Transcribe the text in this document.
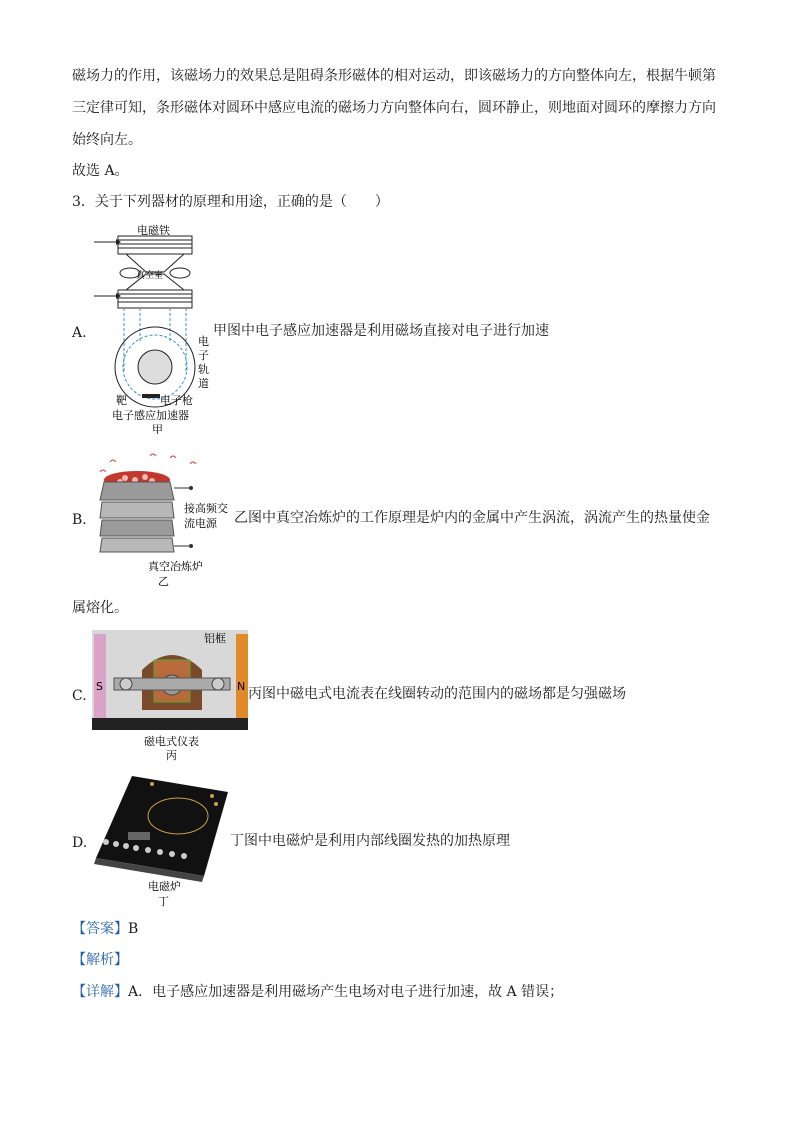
磁场力的作用，该磁场力的效果总是阻碍条形磁体的相对运动，即该磁场力的方向整体向左，根据牛顿第
三定律可知，条形磁体对圆环中感应电流的磁场力方向整体向右，圆环静止，则地面对圆环的摩擦力方向
始终向左。
故选 A。
3．关于下列器材的原理和用途，正确的是（　　）
A.
电磁铁
真空室
电
子
轨
道
靶	电子枪
电子感应加速器
甲
甲图中电子感应加速器是利用磁场直接对电子进行加速
B.
接高频交
流电源
真空冶炼炉
乙
乙图中真空冶炼炉的工作原理是炉内的金属中产生涡流，涡流产生的热量使金
属熔化。
C.
铝框
S	N
磁电式仪表
丙
丙图中磁电式电流表在线圈转动的范围内的磁场都是匀强磁场
D.
电磁炉
丁
丁图中电磁炉是利用内部线圈发热的加热原理
【答案】B
【解析】
【详解】A．电子感应加速器是利用磁场产生电场对电子进行加速，故 A 错误；
